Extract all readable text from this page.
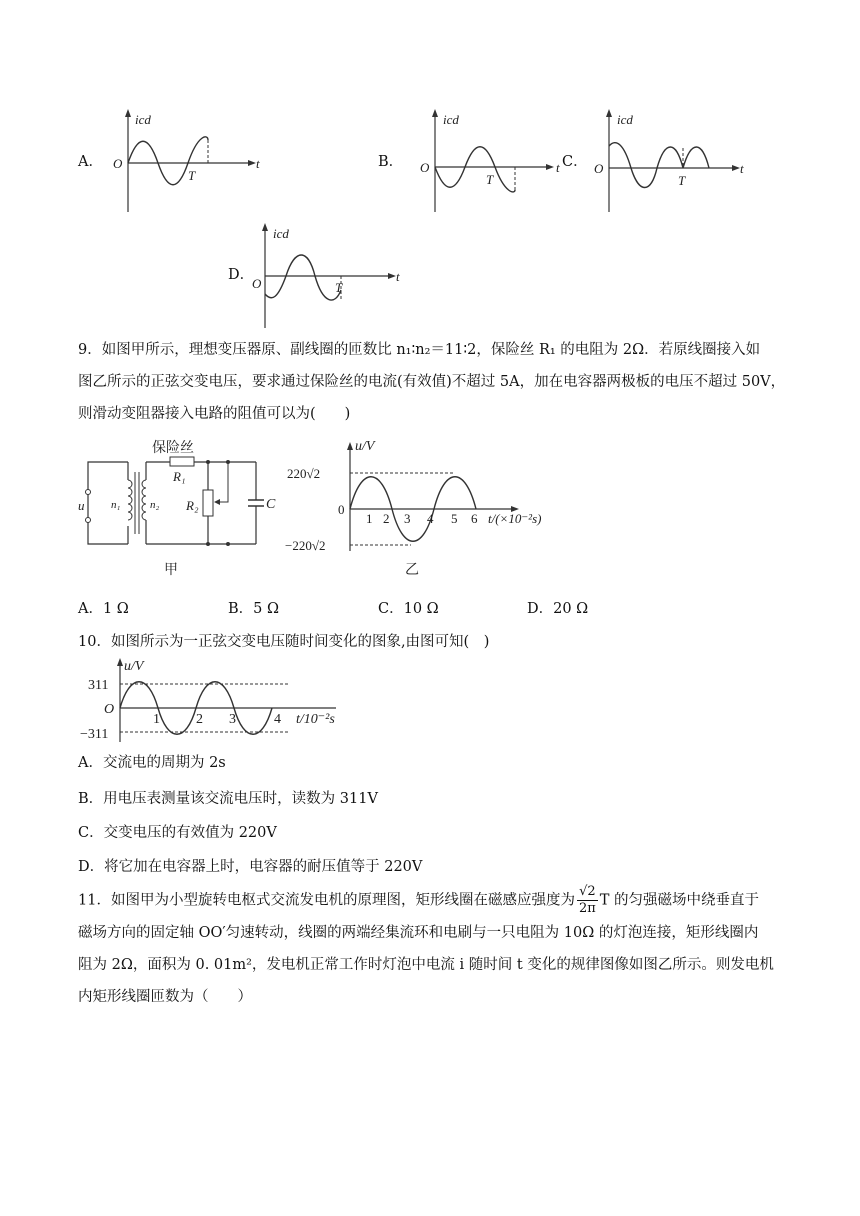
A．
icd
O	t
T
B．
icd
O	t
T
C．
icd
O	t
T
D．
icd
O	t
T
9．如图甲所示，理想变压器原、副线圈的匝数比 n₁∶n₂＝11∶2，保险丝 R₁ 的电阻为 2Ω．若原线圈接入如
图乙所示的正弦交变电压，要求通过保险丝的电流(有效值)不超过 5A，加在电容器两极板的电压不超过 50V，
则滑动变阻器接入电路的阻值可以为(　　)
保险丝
R₁
R₂	C
u n₁	n₂
甲
u/V
220√2
−220√2
0
1 2 3 4 5 6 t/(×10⁻²s)
乙
A．1 Ω	B．5 Ω	C．10 Ω	D．20 Ω
10．如图所示为一正弦交变电压随时间变化的图象,由图可知(　)
u/V
311
−311
O
1	2 3	4 t/10⁻²s
A．交流电的周期为 2s
B．用电压表测量该交流电压时，读数为 311V
C．交变电压的有效值为 220V
D．将它加在电容器上时，电容器的耐压值等于 220V
11．如图甲为小型旋转电枢式交流发电机的原理图，矩形线圈在磁感应强度为 $\frac{√2}{2\pi}$ T 的匀强磁场中绕垂直于
磁场方向的固定轴 OO′匀速转动，线圈的两端经集流环和电刷与一只电阻为 10Ω 的灯泡连接，矩形线圈内
阻为 2Ω，面积为 0. 01m²，发电机正常工作时灯泡中电流 i 随时间 t 变化的规律图像如图乙所示。则发电机
内矩形线圈匝数为（　　）
